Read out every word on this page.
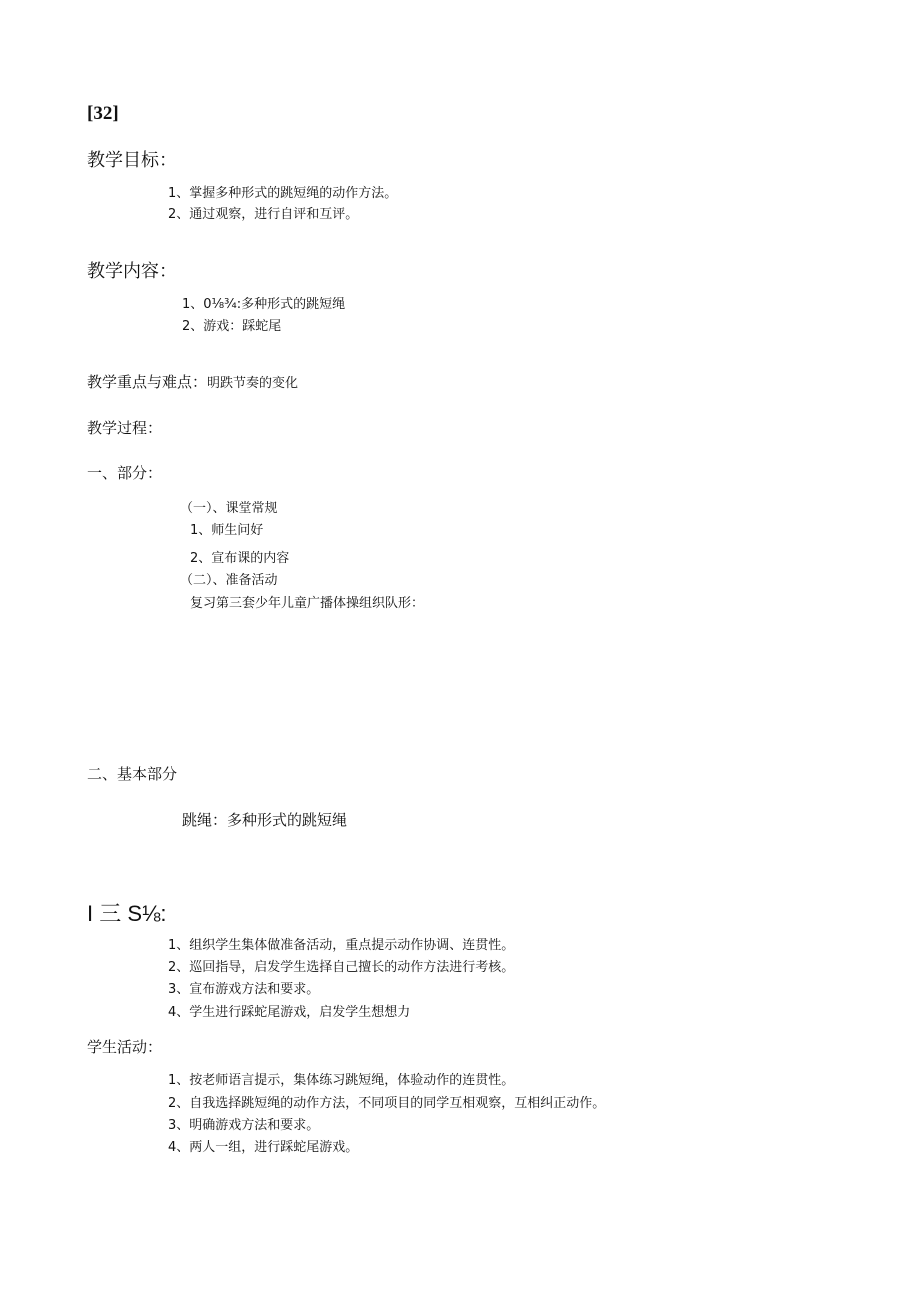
[32]
教学目标：
1、掌握多种形式的跳短绳的动作方法。
2、通过观察，进行自评和互评。
教学内容：
1、0⅛¾:多种形式的跳短绳
2、游戏：踩蛇尾
教学重点与难点：明跌节奏的变化
教学过程：
一、部分：
（一）、课堂常规
1、师生问好
2、宣布课的内容
（二）、准备活动
复习第三套少年儿童广播体操组织队形：
二、基本部分
跳绳：多种形式的跳短绳
I 三 S⅛:
1、组织学生集体做准备活动，重点提示动作协调、连贯性。
2、巡回指导，启发学生选择自己擅长的动作方法进行考核。
3、宣布游戏方法和要求。
4、学生进行踩蛇尾游戏，启发学生想想力
学生活动：
1、按老师语言提示，集体练习跳短绳，体验动作的连贯性。
2、自我选择跳短绳的动作方法，不同项目的同学互相观察，互相纠正动作。
3、明确游戏方法和要求。
4、两人一组，进行踩蛇尾游戏。
